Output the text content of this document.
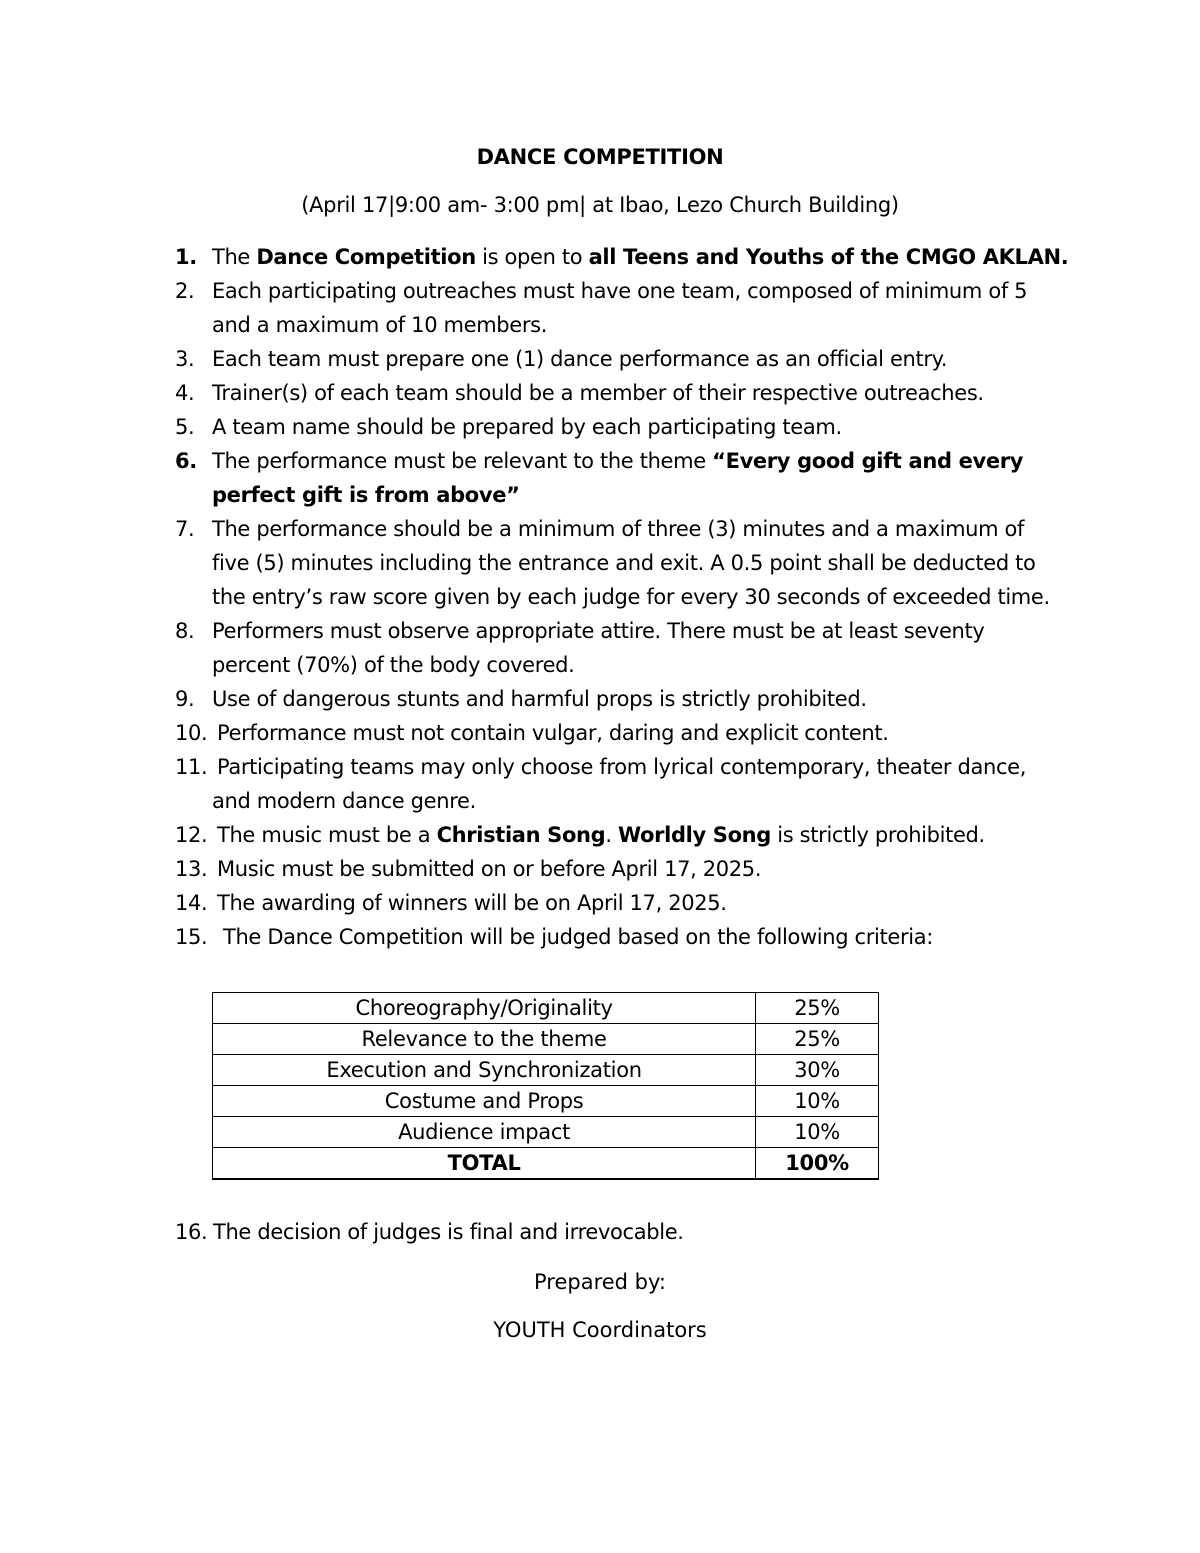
DANCE COMPETITION
(April 17|9:00 am- 3:00 pm| at Ibao, Lezo Church Building)
1. The Dance Competition is open to all Teens and Youths of the CMGO AKLAN.
2. Each participating outreaches must have one team, composed of minimum of 5
and a maximum of 10 members.
3. Each team must prepare one (1) dance performance as an official entry.
4. Trainer(s) of each team should be a member of their respective outreaches.
5. A team name should be prepared by each participating team.
6. The performance must be relevant to the theme “Every good gift and every
perfect gift is from above”
7. The performance should be a minimum of three (3) minutes and a maximum of
five (5) minutes including the entrance and exit. A 0.5 point shall be deducted to
the entry’s raw score given by each judge for every 30 seconds of exceeded time.
8. Performers must observe appropriate attire. There must be at least seventy
percent (70%) of the body covered.
9. Use of dangerous stunts and harmful props is strictly prohibited.
10. Performance must not contain vulgar, daring and explicit content.
11. Participating teams may only choose from lyrical contemporary, theater dance,
and modern dance genre.
12. The music must be a Christian Song. Worldly Song is strictly prohibited.
13. Music must be submitted on or before April 17, 2025.
14. The awarding of winners will be on April 17, 2025.
15. The Dance Competition will be judged based on the following criteria:
Choreography/Originality	25%
Relevance to the theme	25%
Execution and Synchronization	30%
Costume and Props	10%
Audience impact	10%
TOTAL	100%
16. The decision of judges is final and irrevocable.
Prepared by:
YOUTH Coordinators
